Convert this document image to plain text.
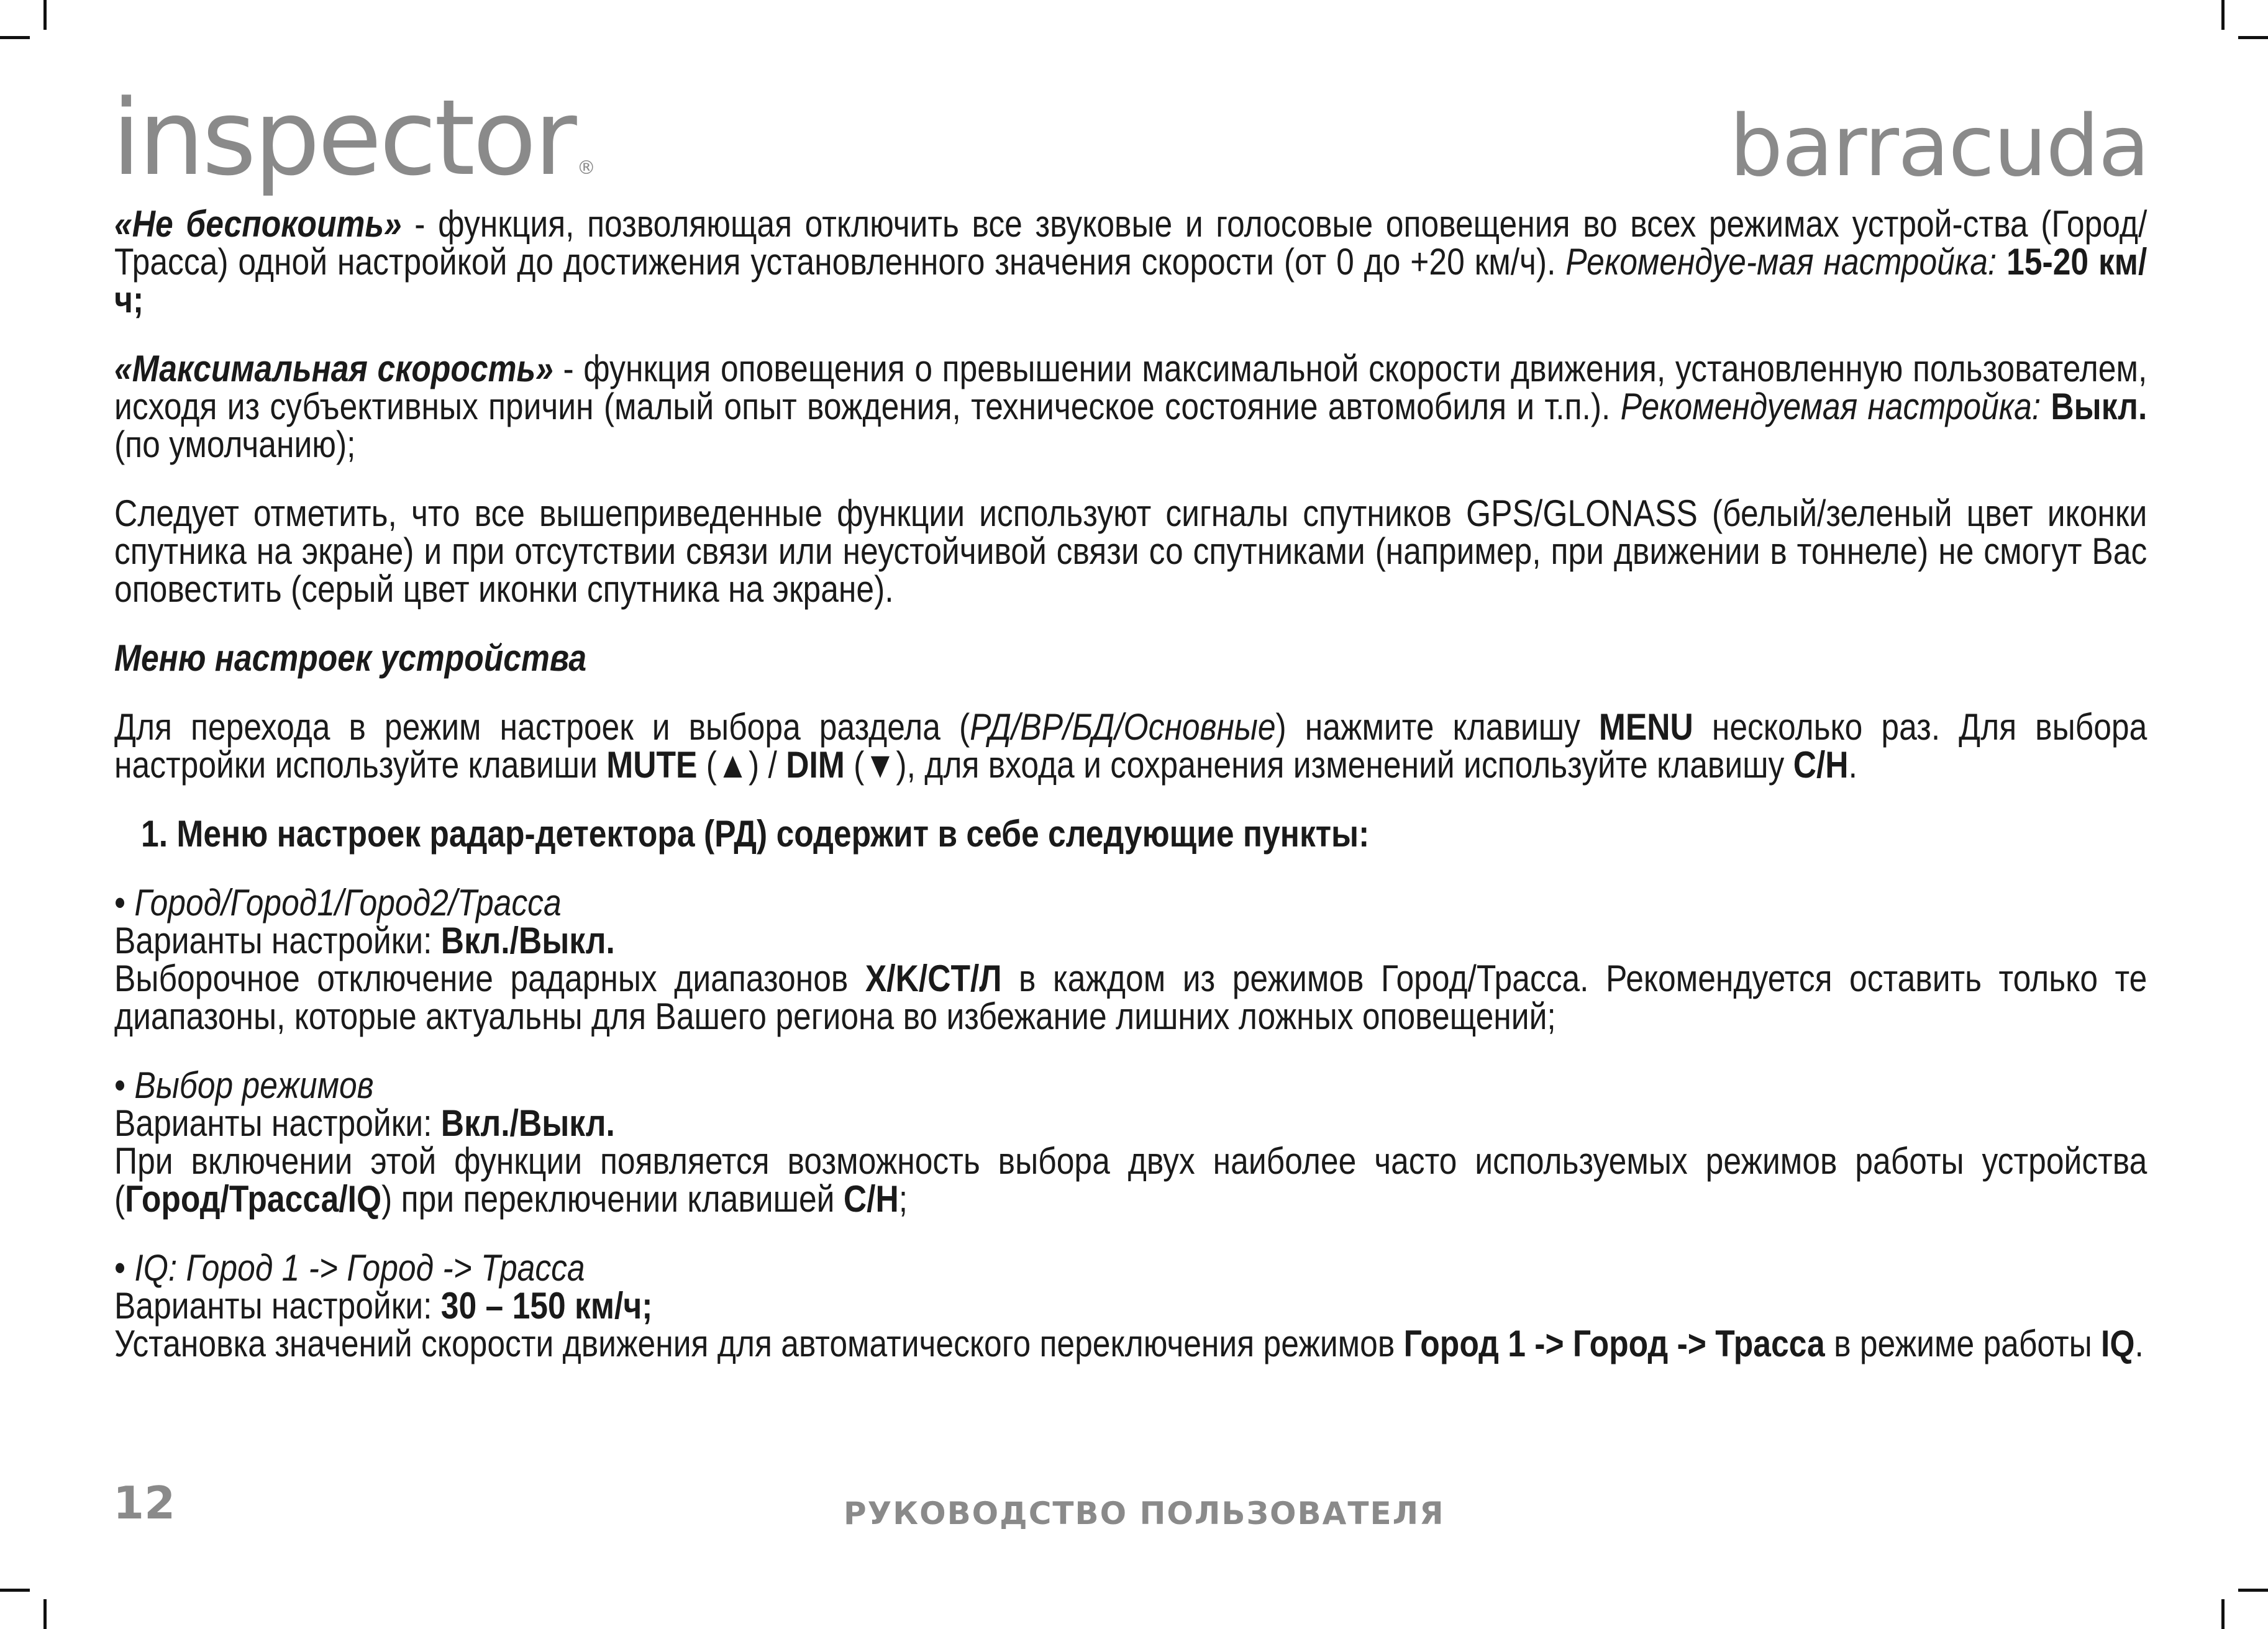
inspector ®	barracuda

«Не беспокоить» - функция, позволяющая отключить все звуковые и голосовые оповещения во всех режимах устрой-ства (Город/Трасса) одной настройкой до достижения установленного значения скорости (от 0 до +20 км/ч). Рекомендуе-мая настройка: 15-20 км/ч;

«Максимальная скорость» - функция оповещения о превышении максимальной скорости движения, установленную пользователем, исходя из субъективных причин (малый опыт вождения, техническое состояние автомобиля и т.п.). Рекомендуемая настройка: Выкл. (по умолчанию);

Следует отметить, что все вышеприведенные функции используют сигналы спутников GPS/GLONASS (белый/зеленый цвет иконки спутника на экране) и при отсутствии связи или неустойчивой связи со спутниками (например, при движении в тоннеле) не смогут Вас оповестить (серый цвет иконки спутника на экране).

Меню настроек устройства

Для перехода в режим настроек и выбора раздела (РД/ВР/БД/Основные) нажмите клавишу MENU несколько раз. Для выбора настройки используйте клавиши MUTE (▲) / DIM (▼), для входа и сохранения изменений используйте клавишу С/Н.

1. Меню настроек радар-детектора (РД) содержит в себе следующие пункты:

• Город/Город1/Город2/Трасса
Варианты настройки: Вкл./Выкл.
Выборочное отключение радарных диапазонов X/K/CT/Л в каждом из режимов Город/Трасса. Рекомендуется оставить только те диапазоны, которые актуальны для Вашего региона во избежание лишних ложных оповещений;
• Выбор режимов
Варианты настройки: Вкл./Выкл.
При включении этой функции появляется возможность выбора двух наиболее часто используемых режимов работы устройства (Город/Трасса/IQ) при переключении клавишей С/Н;
• IQ: Город 1 -> Город -> Трасса
Варианты настройки: 30 – 150 км/ч;
Установка значений скорости движения для автоматического переключения режимов Город 1 -> Город -> Трасса в режиме работы IQ.
12	РУКОВОДСТВО ПОЛЬЗОВАТЕЛЯ
